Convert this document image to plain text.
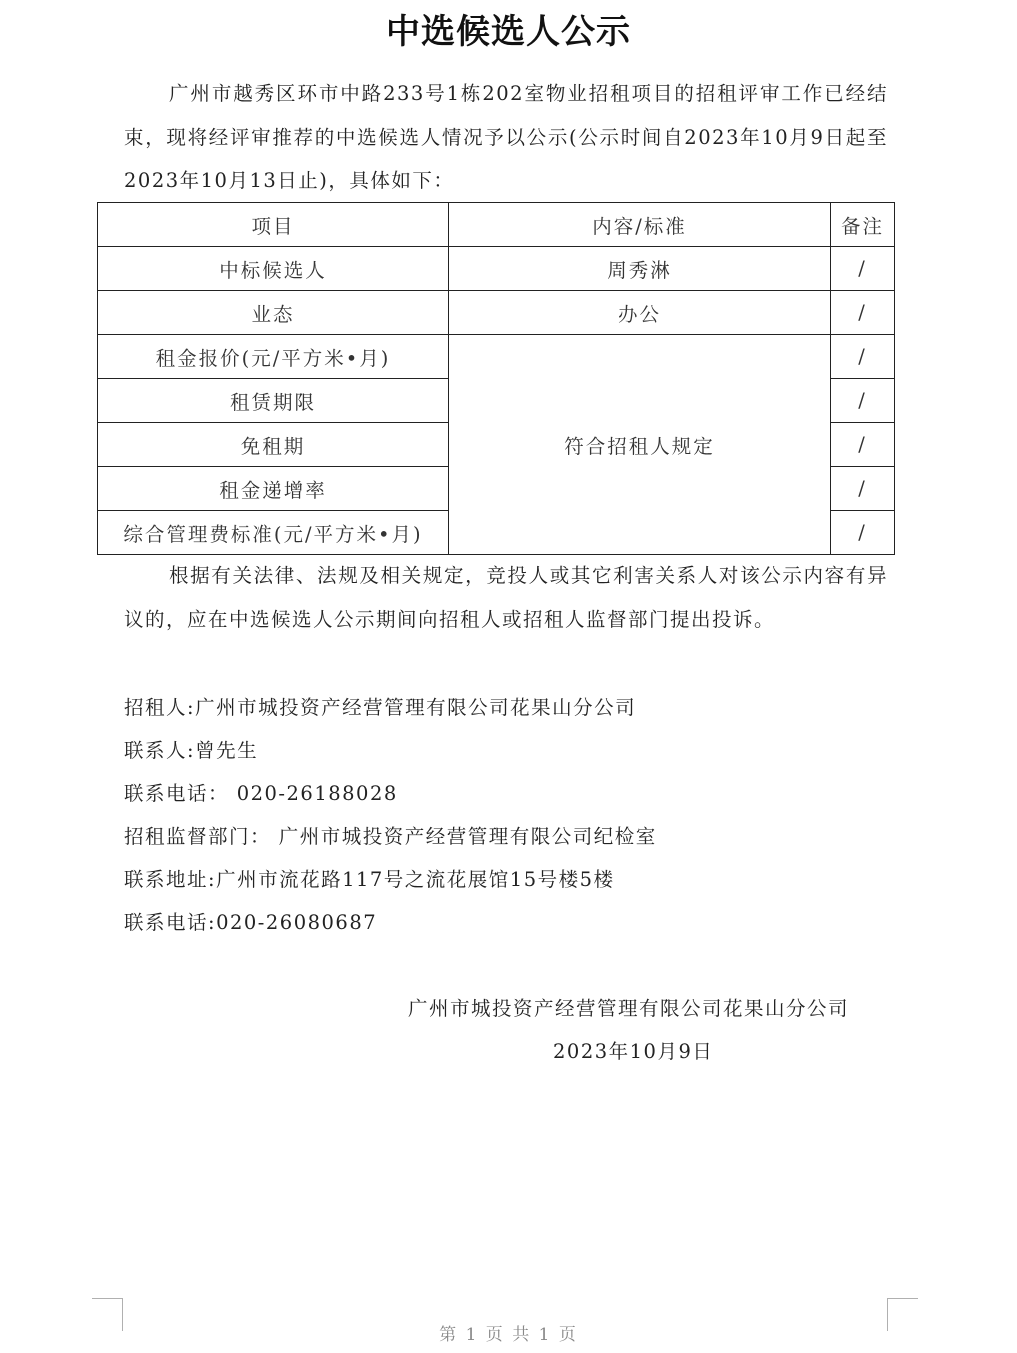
中选候选人公示
广州市越秀区环市中路233号1栋202室物业招租项目的招租评审工作已经结束，现将经评审推荐的中选候选人情况予以公示(公示时间自2023年10月9日起至 2023年10月13日止)，具体如下：
项目	内容/标准	备注
中标候选人	周秀淋	/
业态	办公	/
租金报价(元/平方米•月)	符合招租人规定	/
租赁期限		/
免租期		/
租金递增率		/
综合管理费标准(元/平方米•月)		/
根据有关法律、法规及相关规定，竞投人或其它利害关系人对该公示内容有异议的，应在中选候选人公示期间向招租人或招租人监督部门提出投诉。
招租人:广州市城投资产经营管理有限公司花果山分公司
联系人:曾先生
联系电话： 020-26188028
招租监督部门： 广州市城投资产经营管理有限公司纪检室
联系地址:广州市流花路117号之流花展馆15号楼5楼
联系电话:020-26080687
广州市城投资产经营管理有限公司花果山分公司
2023年10月9日
第 1 页 共 1 页
